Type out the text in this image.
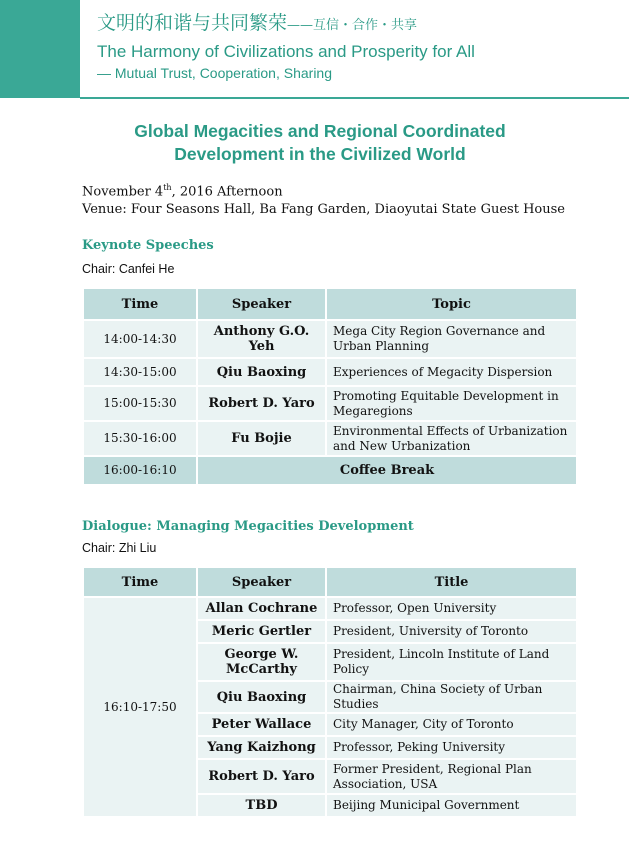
文明的和谐与共同繁荣——互信・合作・共享
The Harmony of Civilizations and Prosperity for All
— Mutual Trust, Cooperation, Sharing
Global Megacities and Regional Coordinated
Development in the Civilized World
November 4th, 2016 Afternoon
Venue: Four Seasons Hall, Ba Fang Garden, Diaoyutai State Guest House
Keynote Speeches
Chair: Canfei He
Time	Speaker	Topic
14:00-14:30	Anthony G.O. Yeh	Mega City Region Governance and Urban Planning
14:30-15:00	Qiu Baoxing	Experiences of Megacity Dispersion
15:00-15:30	Robert D. Yaro	Promoting Equitable Development in Megaregions
15:30-16:00	Fu Bojie	Environmental Effects of Urbanization and New Urbanization
16:00-16:10	Coffee Break	
Dialogue: Managing Megacities Development
Chair: Zhi Liu
Time	Speaker	Title
16:10-17:50	Allan Cochrane	Professor, Open University
	Meric Gertler	President, University of Toronto
	George W. McCarthy	President, Lincoln Institute of Land Policy
	Qiu Baoxing	Chairman, China Society of Urban Studies
	Peter Wallace	City Manager, City of Toronto
	Yang Kaizhong	Professor, Peking University
	Robert D. Yaro	Former President, Regional Plan Association, USA
	TBD	Beijing Municipal Government
